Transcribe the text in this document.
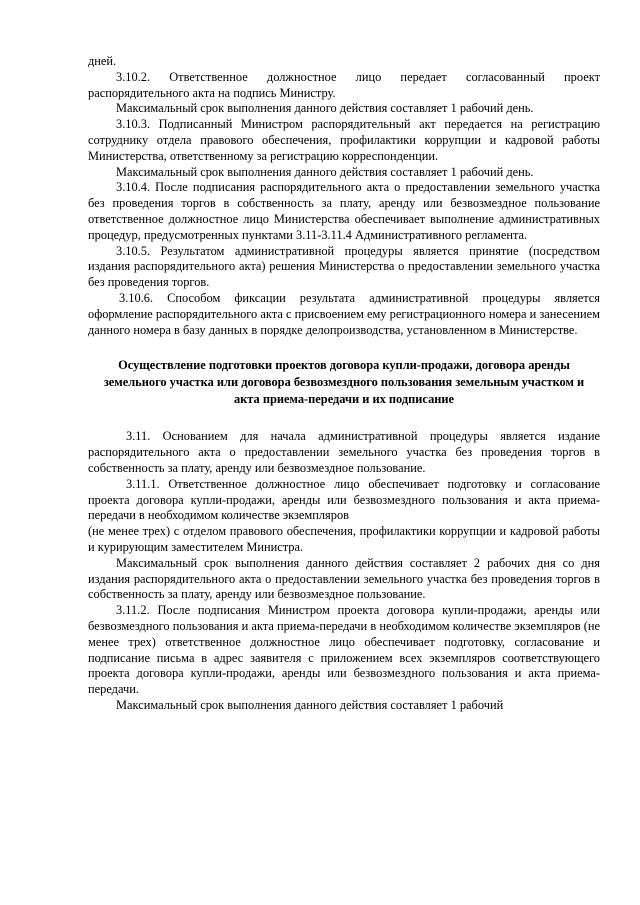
дней.

3.10.2. Ответственное должностное лицо передает согласованный проект распорядительного акта на подпись Министру.

Максимальный срок выполнения данного действия составляет 1 рабочий день.

3.10.3. Подписанный Министром распорядительный акт передается на регистрацию сотруднику отдела правового обеспечения, профилактики коррупции и кадровой работы Министерства, ответственному за регистрацию корреспонденции.

Максимальный срок выполнения данного действия составляет 1 рабочий день.

3.10.4. После подписания распорядительного акта о предоставлении земельного участка без проведения торгов в собственность за плату, аренду или безвозмездное пользование ответственное должностное лицо Министерства обеспечивает выполнение административных процедур, предусмотренных пунктами 3.11-3.11.4 Административного регламента.

3.10.5. Результатом административной процедуры является принятие (посредством издания распорядительного акта) решения Министерства о предоставлении земельного участка без проведения торгов.

3.10.6. Способом фиксации результата административной процедуры является оформление распорядительного акта с присвоением ему регистрационного номера и занесением данного номера в базу данных в порядке делопроизводства, установленном в Министерстве.

Осуществление подготовки проектов договора купли-продажи, договора аренды земельного участка или договора безвозмездного пользования земельным участком и акта приема-передачи и их подписание

3.11. Основанием для начала административной процедуры является издание распорядительного акта о предоставлении земельного участка без проведения торгов в собственность за плату, аренду или безвозмездное пользование.

3.11.1. Ответственное должностное лицо обеспечивает подготовку и согласование проекта договора купли-продажи, аренды или безвозмездного пользования и акта приема-передачи в необходимом количестве экземпляров

(не менее трех) с отделом правового обеспечения, профилактики коррупции и кадровой работы и курирующим заместителем Министра.

Максимальный срок выполнения данного действия составляет 2 рабочих дня со дня издания распорядительного акта о предоставлении земельного участка без проведения торгов в собственность за плату, аренду или безвозмездное пользование.

3.11.2. После подписания Министром проекта договора купли-продажи, аренды или безвозмездного пользования и акта приема-передачи в необходимом количестве экземпляров (не менее трех) ответственное должностное лицо обеспечивает подготовку, согласование и подписание письма в адрес заявителя с приложением всех экземпляров соответствующего проекта договора купли-продажи, аренды или безвозмездного пользования и акта приема- передачи.

Максимальный срок выполнения данного действия составляет 1 рабочий
